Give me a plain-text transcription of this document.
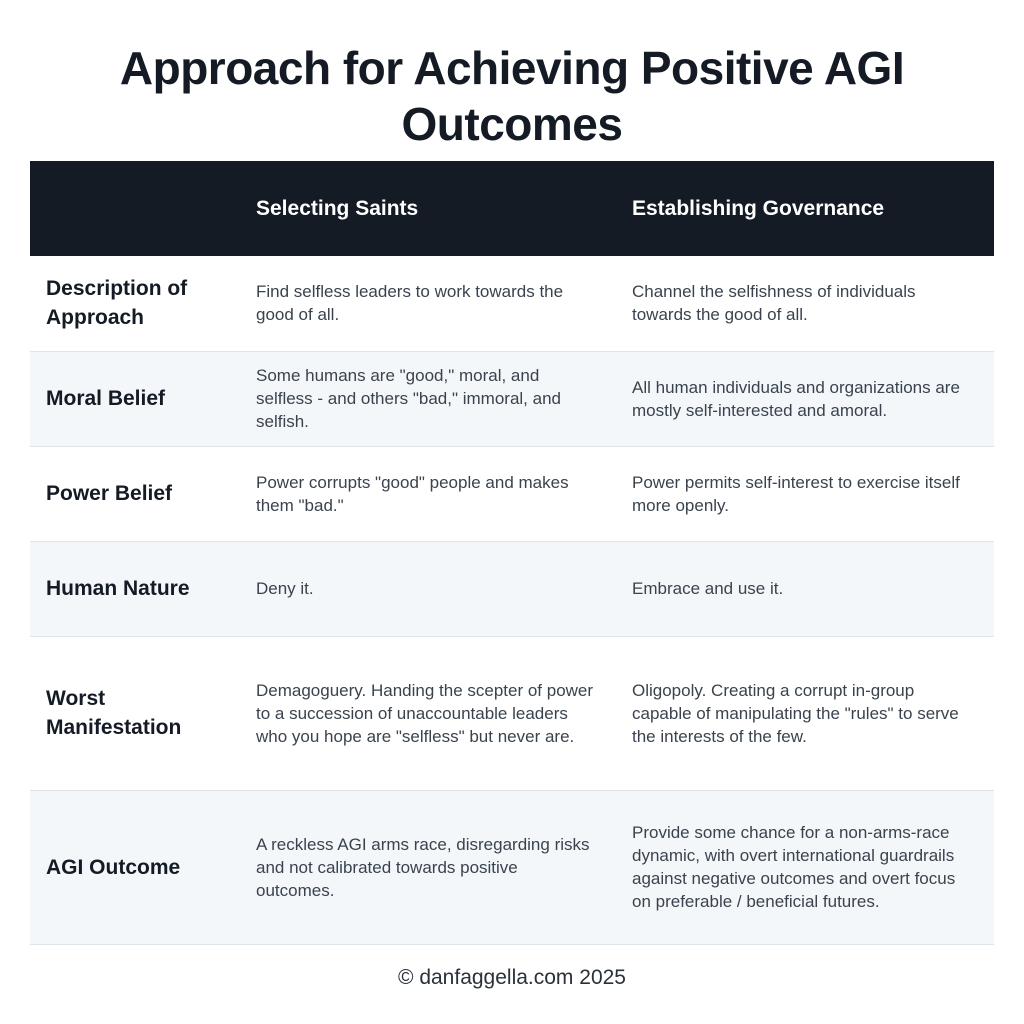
Approach for Achieving Positive AGI
Outcomes
	Selecting Saints	Establishing Governance
Description of Approach	Find selfless leaders to work towards the good of all.	Channel the selfishness of individuals towards the good of all.
Moral Belief	Some humans are "good," moral, and selfless - and others "bad," immoral, and selfish.	All human individuals and organizations are mostly self-interested and amoral.
Power Belief	Power corrupts "good" people and makes them "bad."	Power permits self-interest to exercise itself more openly.
Human Nature	Deny it.	Embrace and use it.
Worst Manifestation	Demagoguery. Handing the scepter of power to a succession of unaccountable leaders who you hope are "selfless" but never are.	Oligopoly. Creating a corrupt in-group capable of manipulating the "rules" to serve the interests of the few.
AGI Outcome	A reckless AGI arms race, disregarding risks and not calibrated towards positive outcomes.	Provide some chance for a non-arms-race dynamic, with overt international guardrails against negative outcomes and overt focus on preferable / beneficial futures.
© danfaggella.com 2025
